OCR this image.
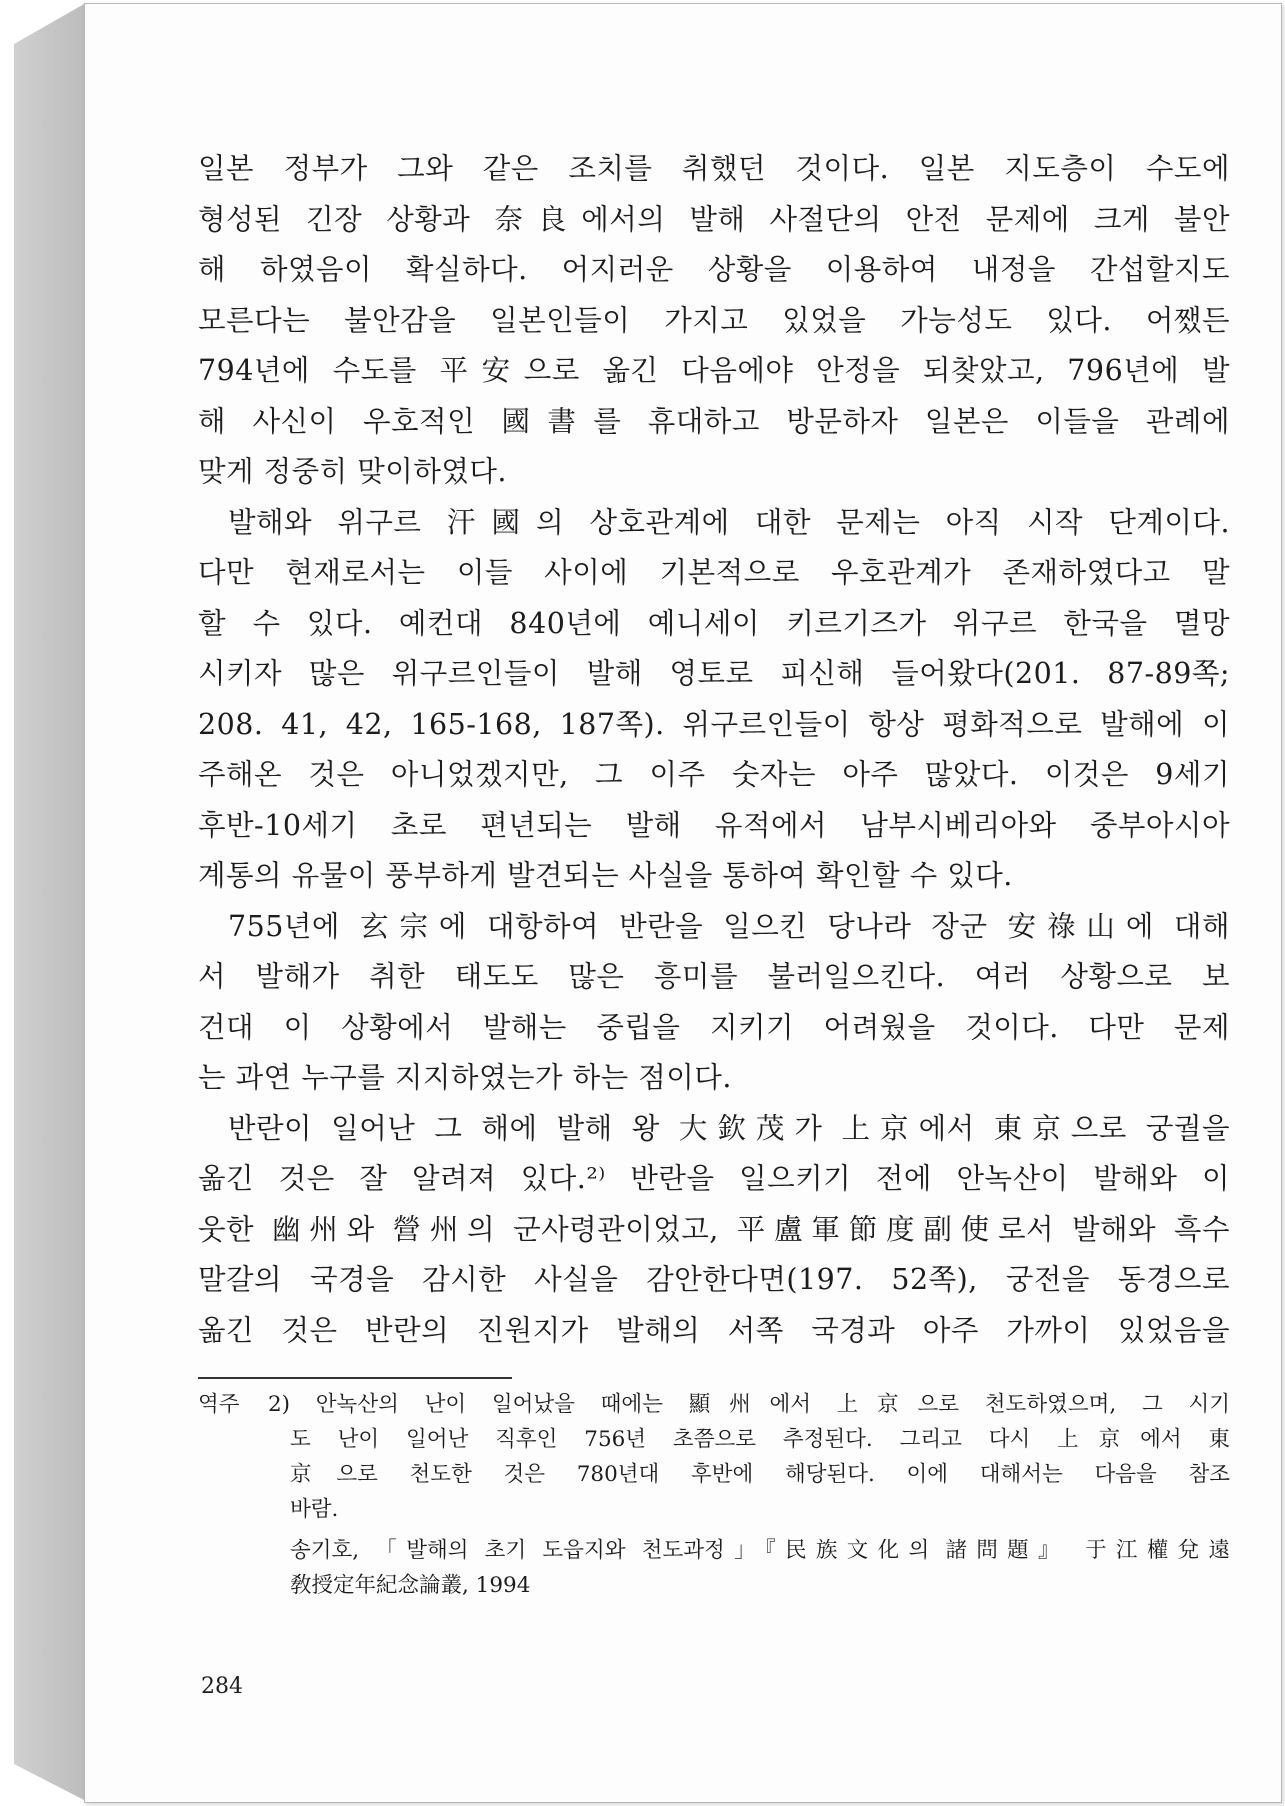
일본 정부가 그와 같은 조치를 취했던 것이다. 일본 지도층이 수도에
형성된 긴장 상황과 奈良에서의 발해 사절단의 안전 문제에 크게 불안
해 하였음이 확실하다. 어지러운 상황을 이용하여 내정을 간섭할지도
모른다는 불안감을 일본인들이 가지고 있었을 가능성도 있다. 어쨌든
794년에 수도를 平安으로 옮긴 다음에야 안정을 되찾았고, 796년에 발
해 사신이 우호적인 國書를 휴대하고 방문하자 일본은 이들을 관례에
맞게 정중히 맞이하였다.
발해와 위구르 汗國의 상호관계에 대한 문제는 아직 시작 단계이다.
다만 현재로서는 이들 사이에 기본적으로 우호관계가 존재하였다고 말
할 수 있다. 예컨대 840년에 예니세이 키르기즈가 위구르 한국을 멸망
시키자 많은 위구르인들이 발해 영토로 피신해 들어왔다(201. 87-89쪽;
208. 41, 42, 165-168, 187쪽). 위구르인들이 항상 평화적으로 발해에 이
주해온 것은 아니었겠지만, 그 이주 숫자는 아주 많았다. 이것은 9세기
후반-10세기 초로 편년되는 발해 유적에서 남부시베리아와 중부아시아
계통의 유물이 풍부하게 발견되는 사실을 통하여 확인할 수 있다.
755년에 玄宗에 대항하여 반란을 일으킨 당나라 장군 安祿山에 대해
서 발해가 취한 태도도 많은 흥미를 불러일으킨다. 여러 상황으로 보
건대 이 상황에서 발해는 중립을 지키기 어려웠을 것이다. 다만 문제
는 과연 누구를 지지하였는가 하는 점이다.
반란이 일어난 그 해에 발해 왕 大欽茂가 上京에서 東京으로 궁궐을
옮긴 것은 잘 알려져 있다.²⁾ 반란을 일으키기 전에 안녹산이 발해와 이
웃한 幽州와 營州의 군사령관이었고, 平盧軍節度副使로서 발해와 흑수
말갈의 국경을 감시한 사실을 감안한다면(197. 52쪽), 궁전을 동경으로
옮긴 것은 반란의 진원지가 발해의 서쪽 국경과 아주 가까이 있었음을
역주	2) 안녹산의 난이 일어났을 때에는 顯州에서 上京으로 천도하였으며, 그 시기
도 난이 일어난 직후인 756년 초쯤으로 추정된다. 그리고 다시 上京에서 東
京으로 천도한 것은 780년대 후반에 해당된다. 이에 대해서는 다음을 참조
바람.
송기호, 「발해의 초기 도읍지와 천도과정」『民族文化의 諸問題』 于江權兌遠
敎授定年紀念論叢, 1994
284
